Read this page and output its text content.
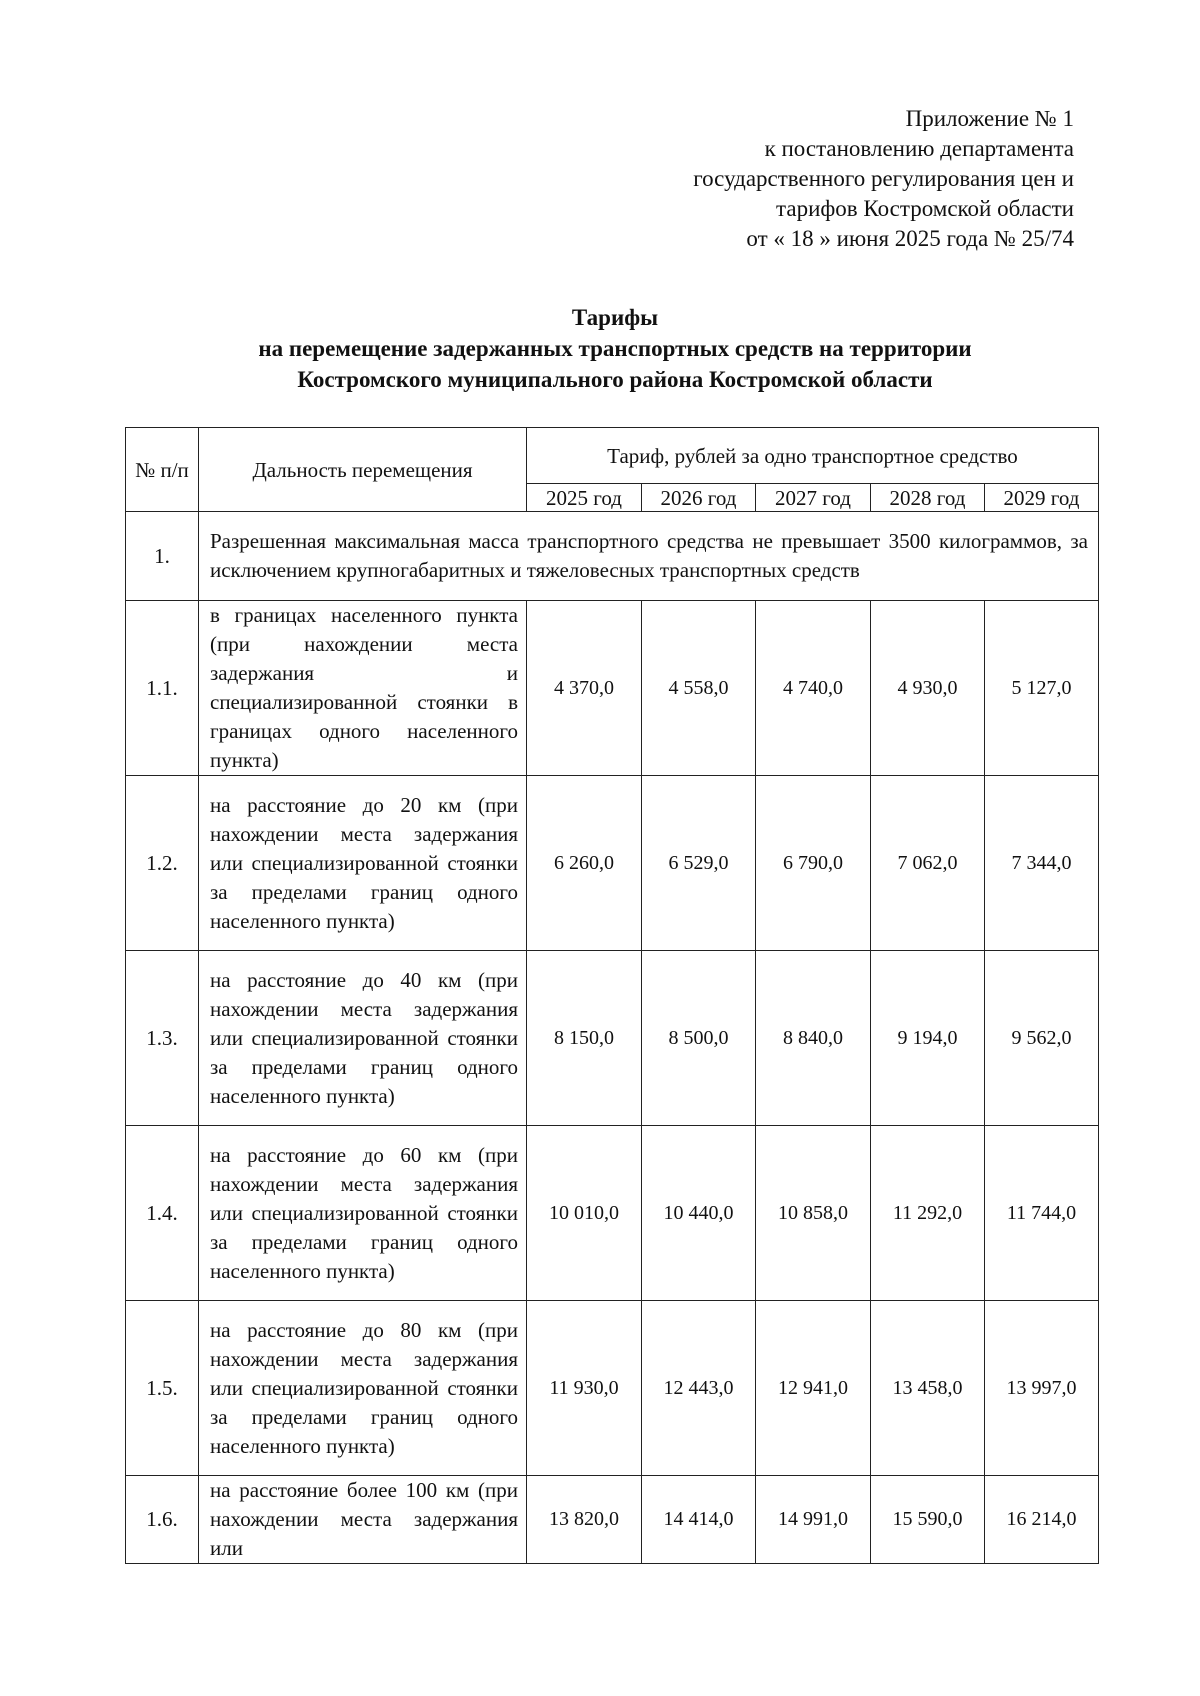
Приложение № 1
к постановлению департамента
государственного регулирования цен и
тарифов Костромской области
от « 18 » июня 2025 года № 25/74
Тарифы
на перемещение задержанных транспортных средств на территории
Костромского муниципального района Костромской области
№ п/п	Дальность перемещения	Тариф, рублей за одно транспортное средство				
		2025 год	2026 год	2027 год	2028 год	2029 год
1.	Разрешенная максимальная масса транспортного средства не превышает 3500 килограммов, за исключением крупногабаритных и тяжеловесных транспортных средств					
1.1.	в границах населенного пункта (при нахождении места задержания и специализированной стоянки в границах одного населенного пункта)	4 370,0	4 558,0	4 740,0	4 930,0	5 127,0
1.2.	на расстояние до 20 км (при нахождении места задержания или специализированной стоянки за пределами границ одного населенного пункта)	6 260,0	6 529,0	6 790,0	7 062,0	7 344,0
1.3.	на расстояние до 40 км (при нахождении места задержания или специализированной стоянки за пределами границ одного населенного пункта)	8 150,0	8 500,0	8 840,0	9 194,0	9 562,0
1.4.	на расстояние до 60 км (при нахождении места задержания или специализированной стоянки за пределами границ одного населенного пункта)	10 010,0	10 440,0	10 858,0	11 292,0	11 744,0
1.5.	на расстояние до 80 км (при нахождении места задержания или специализированной стоянки за пределами границ одного населенного пункта)	11 930,0	12 443,0	12 941,0	13 458,0	13 997,0
1.6.	на расстояние более 100 км (при нахождении места задержания или	13 820,0	14 414,0	14 991,0	15 590,0	16 214,0
